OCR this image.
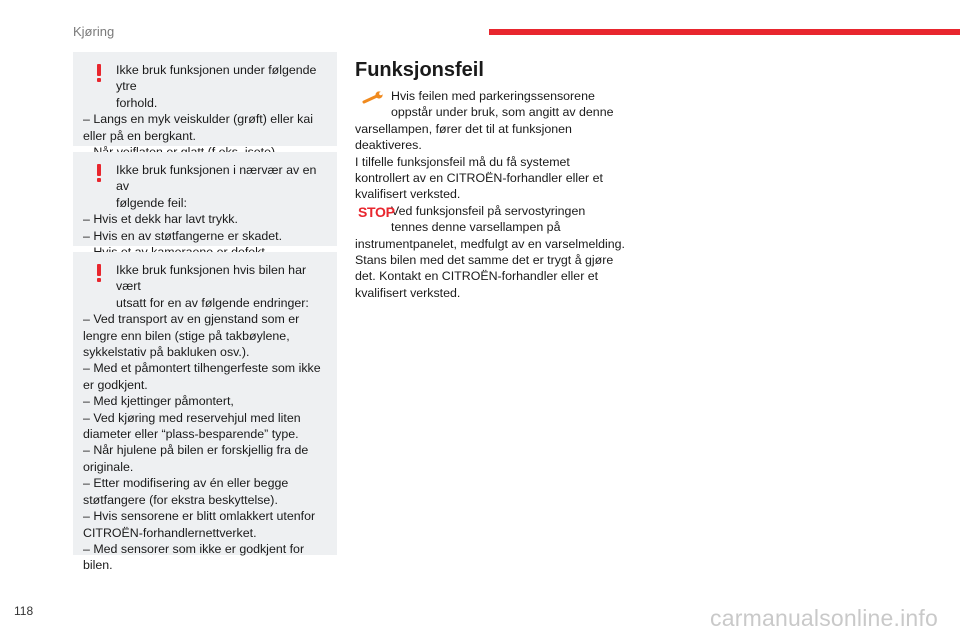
Kjøring
Ikke bruk funksjonen under følgende ytre
forhold.
– Langs en myk veiskulder (grøft) eller kai
eller på en bergkant.
Ikke bruk funksjonen i nærvær av en av
følgende feil:
– Hvis et dekk har lavt trykk.
– Hvis en av støtfangerne er skadet.
Ikke bruk funksjonen hvis bilen har vært
utsatt for en av følgende endringer:
– Ved transport av en gjenstand som er
lengre enn bilen (stige på takbøylene,
sykkelstativ på bakluken osv.).
– Med et påmontert tilhengerfeste som ikke
er godkjent.
– Med kjettinger påmontert,
– Ved kjøring med reservehjul med liten
diameter eller “plass-besparende” type.
– Når hjulene på bilen er forskjellig fra de
originale.
– Etter modifisering av én eller begge
støtfangere (for ekstra beskyttelse).
– Hvis sensorene er blitt omlakkert utenfor
CITROËN-forhandlernettverket.
– Med sensorer som ikke er godkjent for
bilen.
Funksjonsfeil
Hvis feilen med parkeringssensorene
oppstår under bruk, som angitt av denne
varsellampen, fører det til at funksjonen
deaktiveres.
I tilfelle funksjonsfeil må du få systemet
kontrollert av en CITROËN-forhandler eller et
kvalifisert verksted.
STOP
Ved funksjonsfeil på servostyringen
tennes denne varsellampen på
instrumentpanelet, medfulgt av en varselmelding.
Stans bilen med det samme det er trygt å gjøre
det. Kontakt en CITROËN-forhandler eller et
kvalifisert verksted.
118	carmanualsonline.info
